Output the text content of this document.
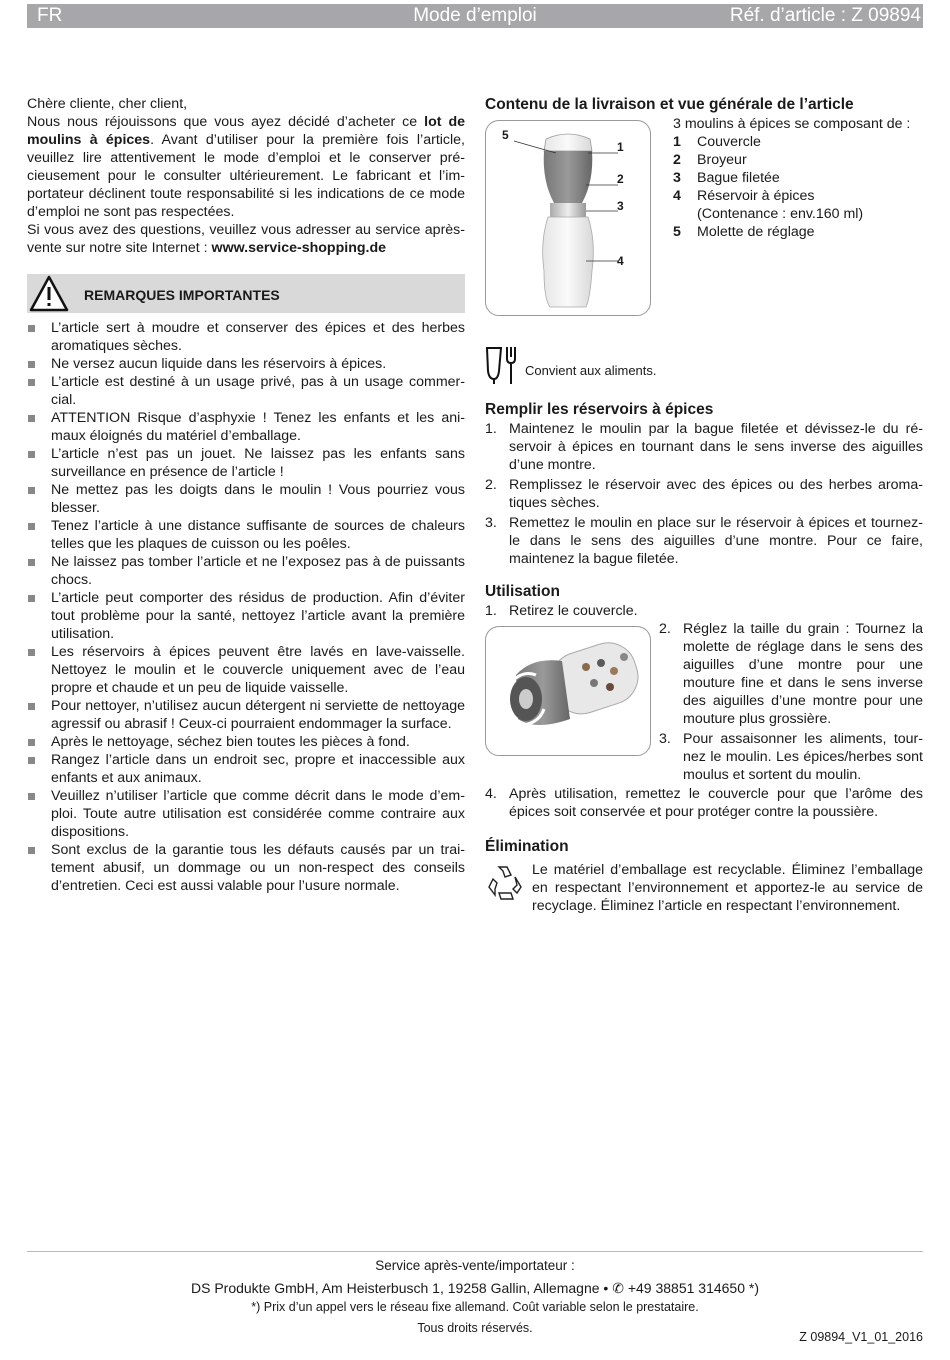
Mode d’emploi
FR	Réf. d’article : Z 09894

Chère cliente, cher client,

Nous nous réjouissons que vous ayez décidé d’acheter ce lot de moulins à épices. Avant d’utiliser pour la première fois l’article, veuillez lire attentivement le mode d’emploi et le conserver précieusement pour le consulter ultérieurement. Le fabricant et l’importateur déclinent toute responsabilité si les indications de ce mode d’emploi ne sont pas respectées.

Si vous avez des questions, veuillez vous adresser au service après-vente sur notre site Internet : www.service-shopping.de

REMARQUES IMPORTANTES
L’article sert à moudre et conserver des épices et des herbes aromatiques sèches.
Ne versez aucun liquide dans les réservoirs à épices.
L’article est destiné à un usage privé, pas à un usage commercial.
ATTENTION Risque d’asphyxie ! Tenez les enfants et les animaux éloignés du matériel d’emballage.
L’article n’est pas un jouet. Ne laissez pas les enfants sans surveillance en présence de l’article !
Ne mettez pas les doigts dans le moulin ! Vous pourriez vous blesser.
Tenez l’article à une distance suffisante de sources de chaleurs telles que les plaques de cuisson ou les poêles.
Ne laissez pas tomber l’article et ne l’exposez pas à de puissants chocs.
L’article peut comporter des résidus de production. Afin d’éviter tout problème pour la santé, nettoyez l’article avant la première utilisation.
Les réservoirs à épices peuvent être lavés en lave-vaisselle. Nettoyez le moulin et le couvercle uniquement avec de l’eau propre et chaude et un peu de liquide vaisselle.
Pour nettoyer, n’utilisez aucun détergent ni serviette de nettoyage agressif ou abrasif ! Ceux-ci pourraient endommager la surface.
Après le nettoyage, séchez bien toutes les pièces à fond.
Rangez l’article dans un endroit sec, propre et inaccessible aux enfants et aux animaux.
Veuillez n’utiliser l’article que comme décrit dans le mode d’emploi. Toute autre utilisation est considérée comme contraire aux dispositions.
Sont exclus de la garantie tous les défauts causés par un traitement abusif, un dommage ou un non-respect des conseils d’entretien. Ceci est aussi valable pour l’usure normale.
Contenu de la livraison et vue générale de l’article
5
1
2
3
4
3 moulins à épices se composant de :
1	Couvercle
2	Broyeur
3	Bague filetée
4	Réservoir à épices
(Contenance : env.160 ml)
5	Molette de réglage
Convient aux aliments.
Remplir les réservoirs à épices
1. Maintenez le moulin par la bague filetée et dévissez-le du réservoir à épices en tournant dans le sens inverse des aiguilles d’une montre.
2. Remplissez le réservoir avec des épices ou des herbes aromatiques sèches.
3. Remettez le moulin en place sur le réservoir à épices et tournez-le dans le sens des aiguilles d’une montre. Pour ce faire, maintenez la bague filetée.
Utilisation
1. Retirez le couvercle.
2. Réglez la taille du grain : Tournez la molette de réglage dans le sens des aiguilles d’une montre pour une mouture fine et dans le sens inverse des aiguilles d’une montre pour une mouture plus grossière.
3. Pour assaisonner les aliments, tournez le moulin. Les épices/herbes sont moulus et sortent du moulin.
4. Après utilisation, remettez le couvercle pour que l’arôme des épices soit conservée et pour protéger contre la poussière.
Élimination
Le matériel d’emballage est recyclable. Éliminez l’emballage en respectant l’environnement et apportez-le au service de recyclage. Éliminez l’article en respectant l’environnement.
Service après-vente/importateur :
DS Produkte GmbH, Am Heisterbusch 1, 19258 Gallin, Allemagne • ✆ +49 38851 314650 *)
*) Prix d’un appel vers le réseau fixe allemand. Coût variable selon le prestataire.
Tous droits réservés.
Z 09894_V1_01_2016
